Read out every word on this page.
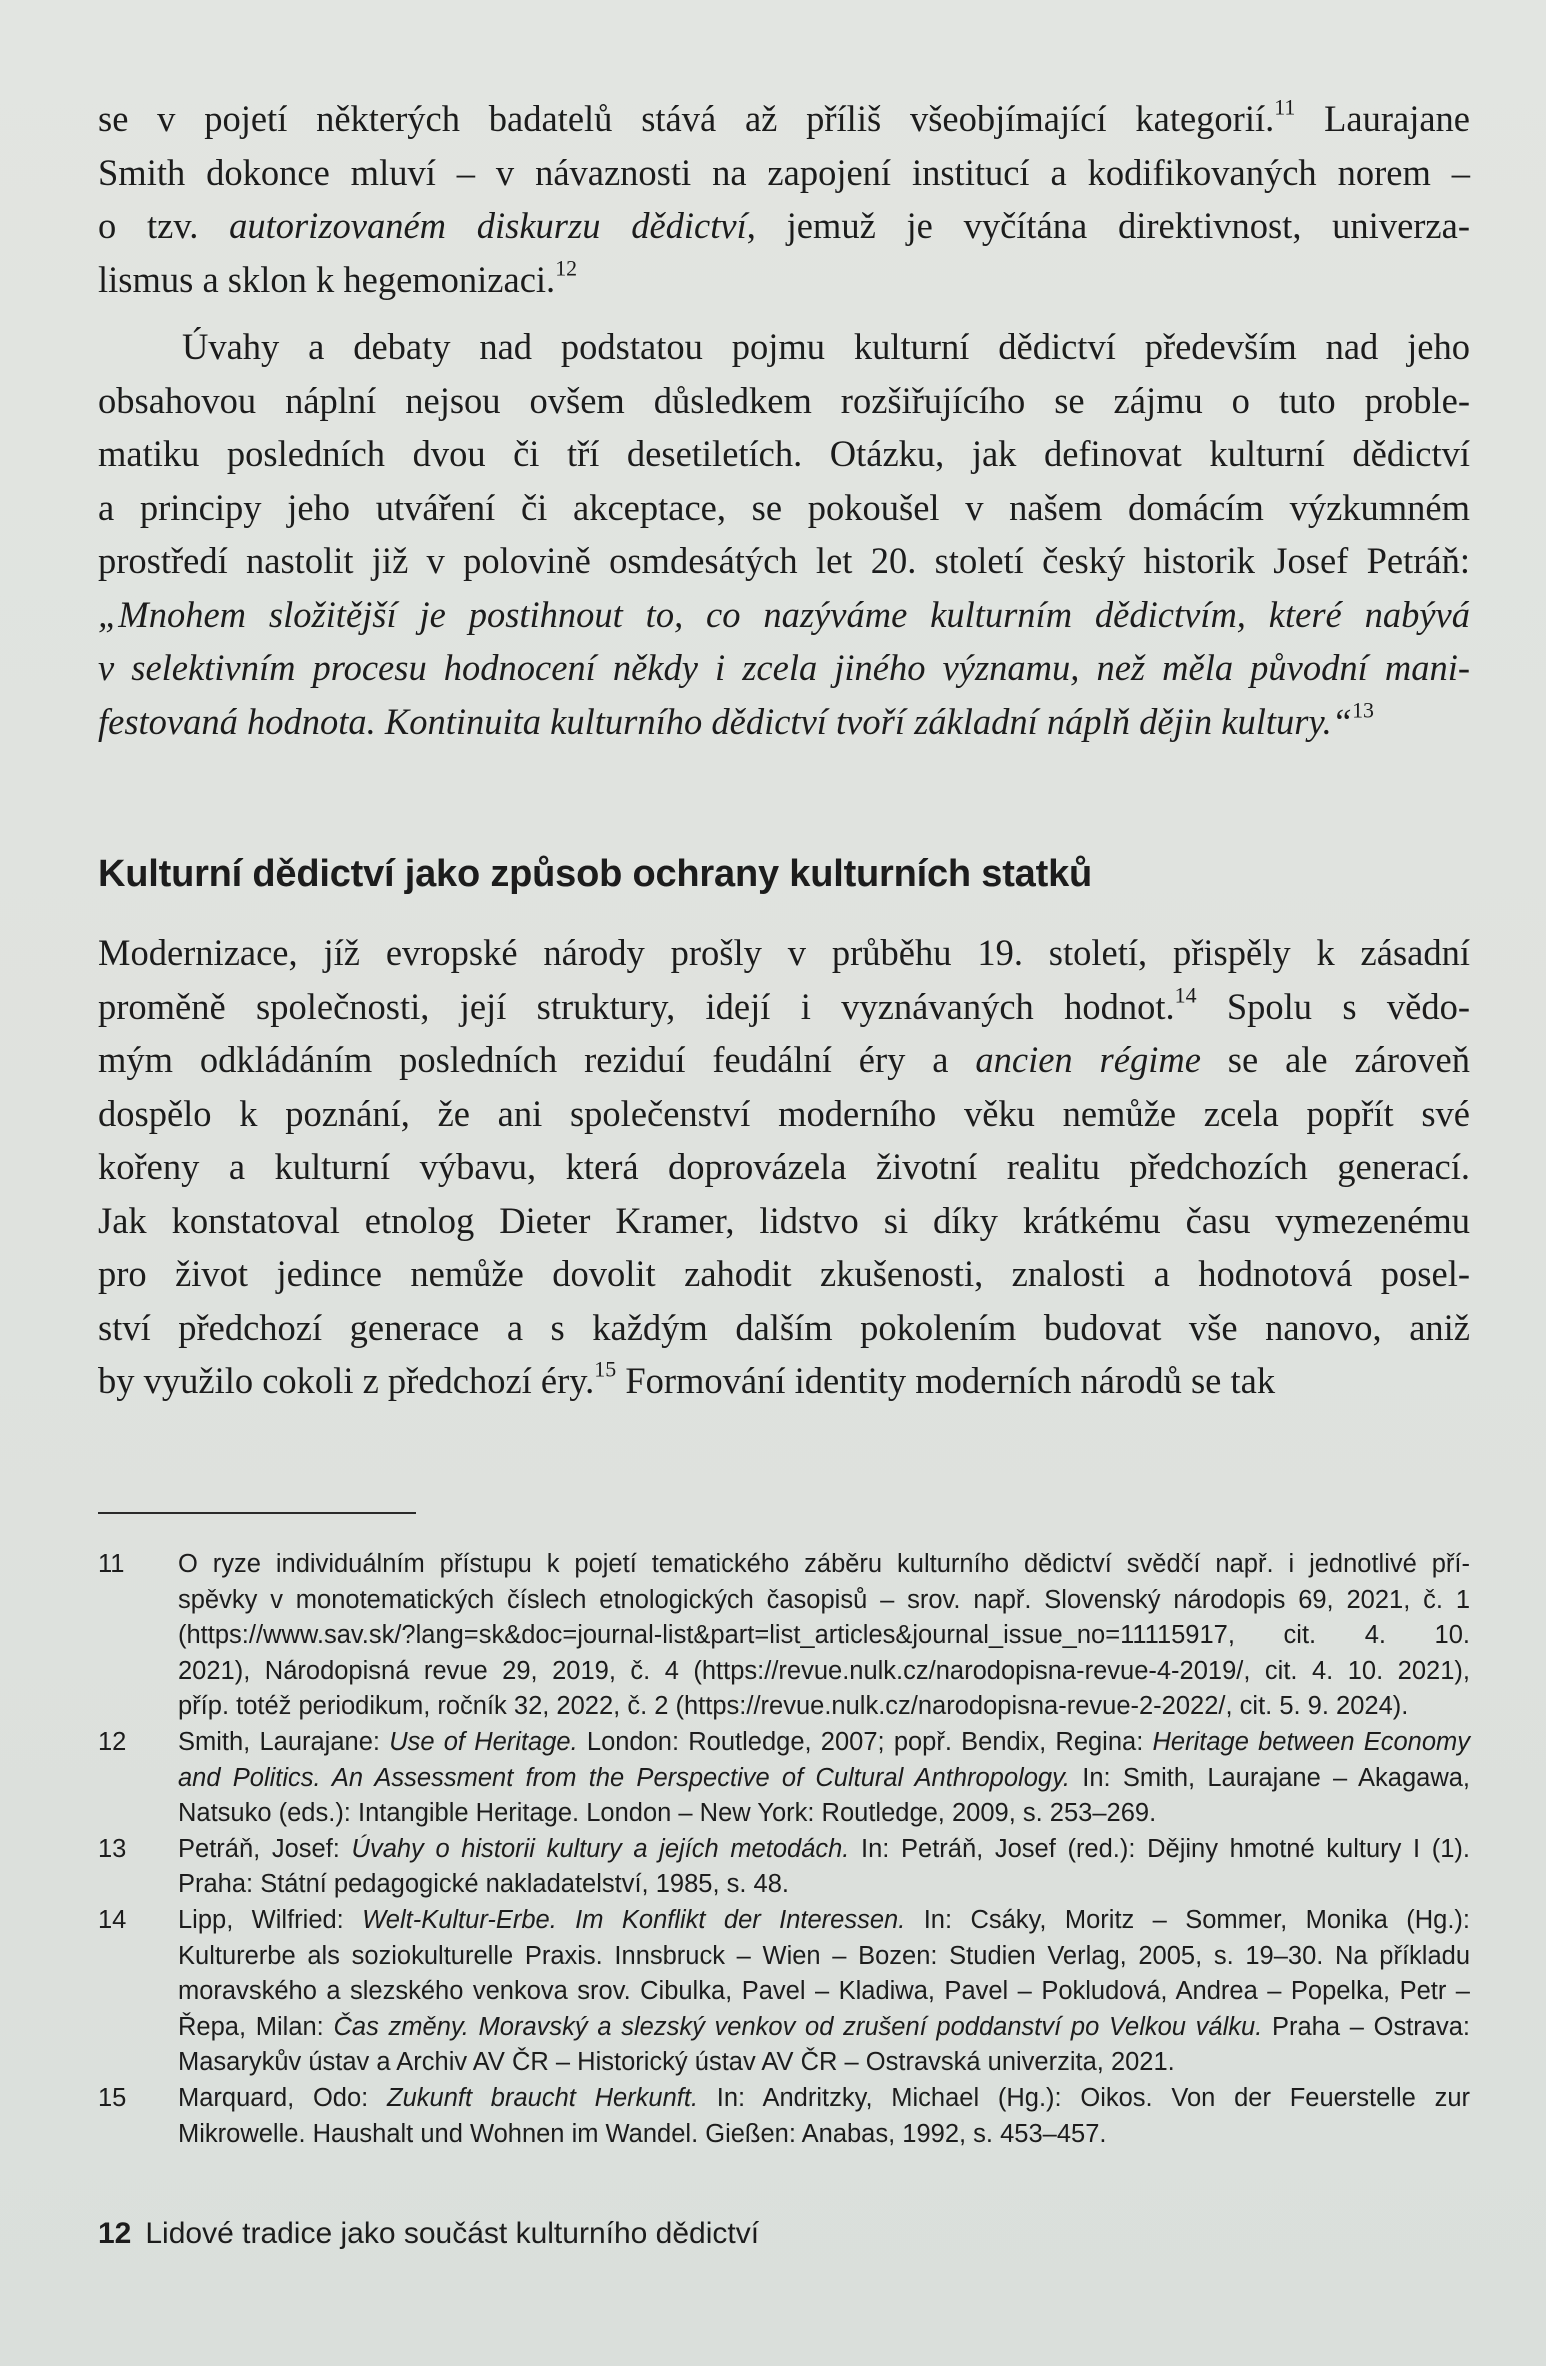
se v pojetí některých badatelů stává až příliš všeobjímající kategorií.$^{11}$ Laurajane
Smith dokonce mluví – v návaznosti na zapojení institucí a kodifikovaných norem –
o tzv. autorizovaném diskurzu dědictví, jemuž je vyčítána direktivnost, univerza-
lismus a sklon k hegemonizaci.$^{12}$
Úvahy a debaty nad podstatou pojmu kulturní dědictví především nad jeho
obsahovou náplní nejsou ovšem důsledkem rozšiřujícího se zájmu o tuto proble-
matiku posledních dvou či tří desetiletích. Otázku, jak definovat kulturní dědictví
a principy jeho utváření či akceptace, se pokoušel v našem domácím výzkumném
prostředí nastolit již v polovině osmdesátých let 20. století český historik Josef Petráň:
„Mnohem složitější je postihnout to, co nazýváme kulturním dědictvím, které nabývá
v selektivním procesu hodnocení někdy i zcela jiného významu, než měla původní mani-
festovaná hodnota. Kontinuita kulturního dědictví tvoří základní náplň dějin kultury.“$^{13}$
Kulturní dědictví jako způsob ochrany kulturních statků
Modernizace, jíž evropské národy prošly v průběhu 19. století, přispěly k zásadní
proměně společnosti, její struktury, idejí i vyznávaných hodnot.$^{14}$ Spolu s vědo-
mým odkládáním posledních reziduí feudální éry a ancien régime se ale zároveň
dospělo k poznání, že ani společenství moderního věku nemůže zcela popřít své
kořeny a kulturní výbavu, která doprovázela životní realitu předchozích generací.
Jak konstatoval etnolog Dieter Kramer, lidstvo si díky krátkému času vymezenému
pro život jedince nemůže dovolit zahodit zkušenosti, znalosti a hodnotová posel-
ství předchozí generace a s každým dalším pokolením budovat vše nanovo, aniž
by využilo cokoli z předchozí éry.$^{15}$ Formování identity moderních národů se tak
11 O ryze individuálním přístupu k pojetí tematického záběru kulturního dědictví svědčí např. i jednotlivé pří-
spěvky v monotematických číslech etnologických časopisů – srov. např. Slovenský národopis 69, 2021, č. 1
(https://www.sav.sk/?lang=sk&doc=journal-list&part=list_articles&journal_issue_no=11115917, cit. 4. 10.
2021), Národopisná revue 29, 2019, č. 4 (https://revue.nulk.cz/narodopisna-revue-4-2019/, cit. 4. 10. 2021),
příp. totéž periodikum, ročník 32, 2022, č. 2 (https://revue.nulk.cz/narodopisna-revue-2-2022/, cit. 5. 9. 2024).
12 Smith, Laurajane: Use of Heritage. London: Routledge, 2007; popř. Bendix, Regina: Heritage between Economy
and Politics. An Assessment from the Perspective of Cultural Anthropology. In: Smith, Laurajane – Akagawa,
Natsuko (eds.): Intangible Heritage. London – New York: Routledge, 2009, s. 253–269.
13 Petráň, Josef: Úvahy o historii kultury a jejích metodách. In: Petráň, Josef (red.): Dějiny hmotné kultury I (1).
Praha: Státní pedagogické nakladatelství, 1985, s. 48.
14 Lipp, Wilfried: Welt-Kultur-Erbe. Im Konflikt der Interessen. In: Csáky, Moritz – Sommer, Monika (Hg.):
Kulturerbe als soziokulturelle Praxis. Innsbruck – Wien – Bozen: Studien Verlag, 2005, s. 19–30. Na příkladu
moravského a slezského venkova srov. Cibulka, Pavel – Kladiwa, Pavel – Pokludová, Andrea – Popelka, Petr –
Řepa, Milan: Čas změny. Moravský a slezský venkov od zrušení poddanství po Velkou válku. Praha – Ostrava:
Masarykův ústav a Archiv AV ČR – Historický ústav AV ČR – Ostravská univerzita, 2021.
15 Marquard, Odo: Zukunft braucht Herkunft. In: Andritzky, Michael (Hg.): Oikos. Von der Feuerstelle zur
Mikrowelle. Haushalt und Wohnen im Wandel. Gießen: Anabas, 1992, s. 453–457.
12 Lidové tradice jako součást kulturního dědictví
